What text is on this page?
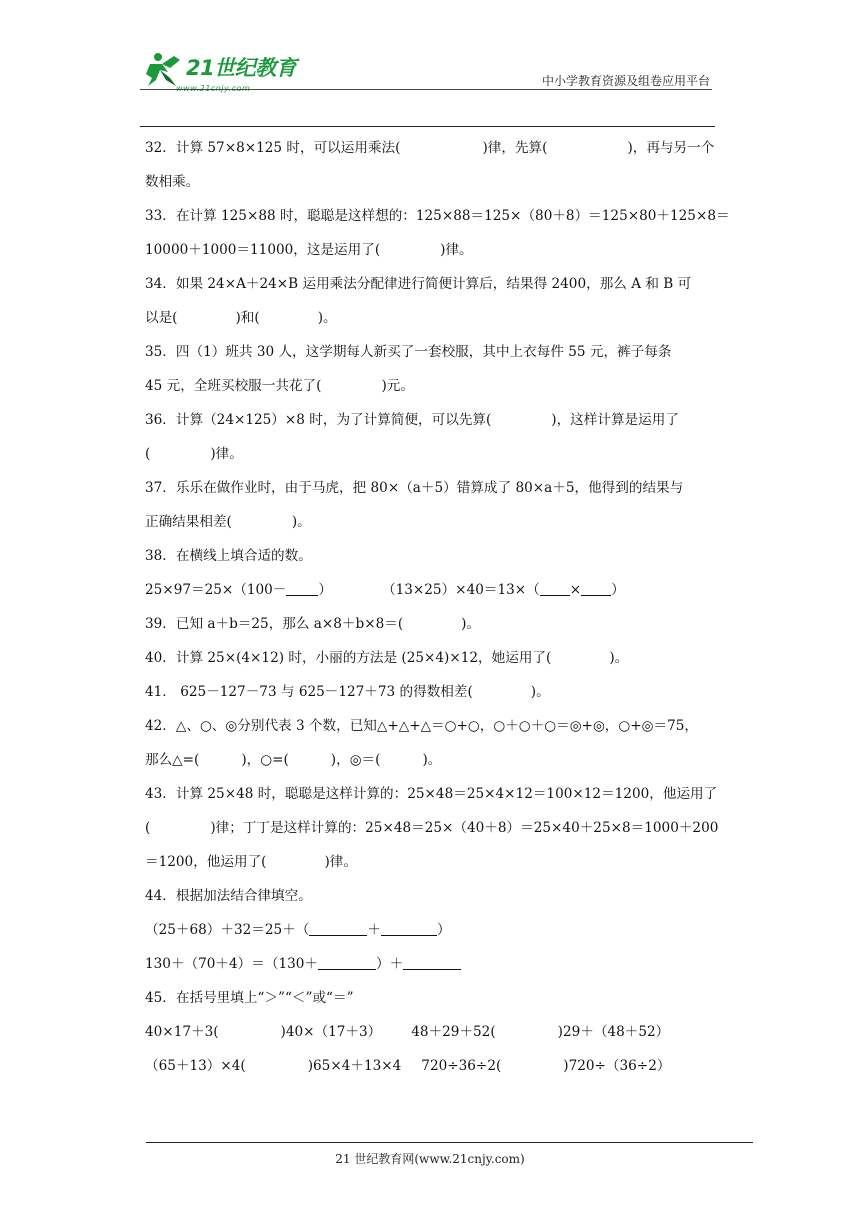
21世纪教育
www.21cnjy.com
中小学教育资源及组卷应用平台
32．计算 57×8×125 时，可以运用乘法(	)律，先算(	)，再与另一个
数相乘。
33．在计算 125×88 时，聪聪是这样想的：125×88＝125×（80＋8）＝125×80＋125×8＝
10000＋1000＝11000，这是运用了(	)律。
34．如果 24×A＋24×B 运用乘法分配律进行简便计算后，结果得 2400，那么 A 和 B 可
以是(	)和(	)。
35．四（1）班共 30 人，这学期每人新买了一套校服，其中上衣每件 55 元，裤子每条
45 元，全班买校服一共花了(	)元。
36．计算（24×125）×8 时，为了计算简便，可以先算(	)，这样计算是运用了
(	)律。
37．乐乐在做作业时，由于马虎，把 80×（a＋5）错算成了 80×a＋5，他得到的结果与
正确结果相差(	)。
38．在横线上填合适的数。
25×97＝25×（100－ ）	（13×25）×40＝13×（ × ）
39．已知 a＋b＝25，那么 a×8＋b×8＝(	)。
40．计算 25×(4×12) 时，小丽的方法是 (25×4)×12，她运用了(	)。
41． 625－127－73 与 625－127＋73 的得数相差(	)。
42．△、○、◎分别代表 3 个数，已知△+△+△＝○+○，○＋○＋○＝◎+◎，○+◎＝75，
那么△=(	)，○=(	)，◎＝(	)。
43．计算 25×48 时，聪聪是这样计算的：25×48＝25×4×12＝100×12＝1200，他运用了
(	)律；丁丁是这样计算的：25×48＝25×（40＋8）＝25×40＋25×8＝1000＋200
＝1200，他运用了(	)律。
44．根据加法结合律填空。
（25＋68）＋32＝25＋（	＋	）
130＋（70＋4）＝（130＋	）＋
45．在括号里填上“＞”“＜”或“＝”
40×17＋3(	)40×（17＋3） 48＋29＋52(	)29＋（48＋52）
（65＋13）×4(	)65×4＋13×4 720÷36÷2(	)720÷（36÷2）
21 世纪教育网(www.21cnjy.com)
